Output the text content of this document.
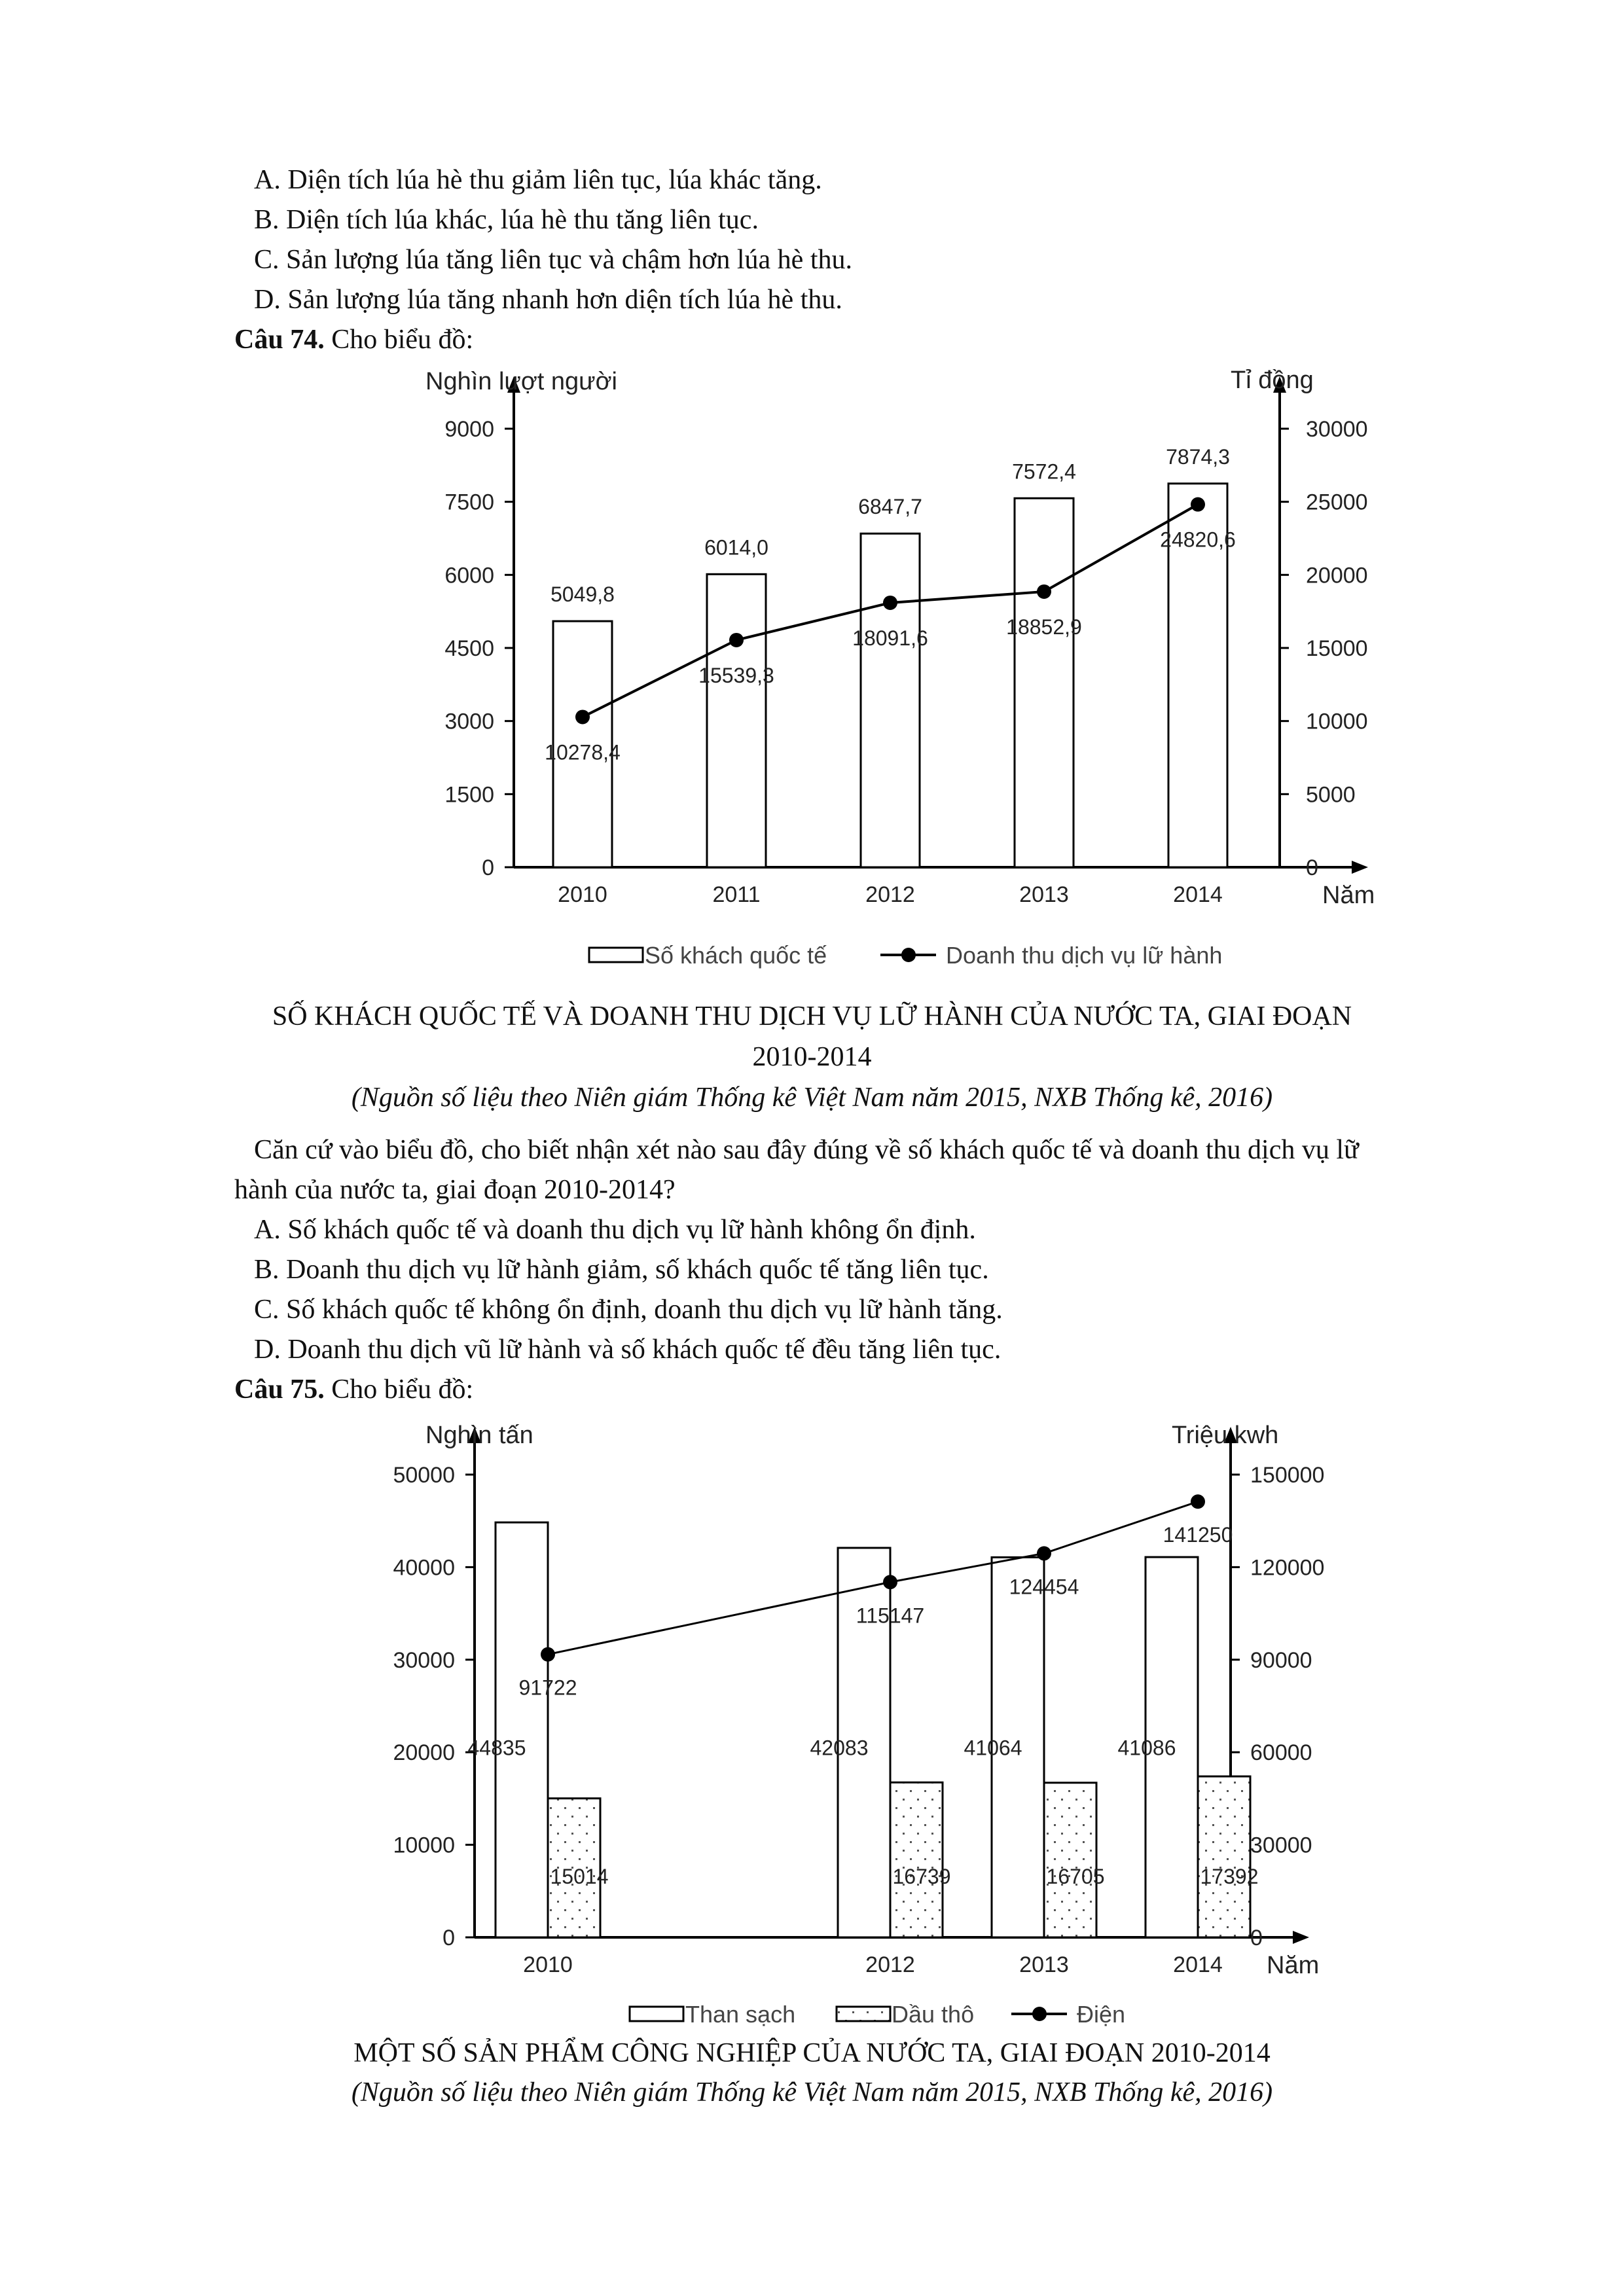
A. Diện tích lúa hè thu giảm liên tục, lúa khác tăng.
B. Diện tích lúa khác, lúa hè thu tăng liên tục.
C. Sản lượng lúa tăng liên tục và chậm hơn lúa hè thu.
D. Sản lượng lúa tăng nhanh hơn diện tích lúa hè thu.
Câu 74. Cho biểu đồ:
Nghìn lượt người	Tỉ đồng
Năm
0
1500
3000
4500
6000
7500
9000
0
5000
10000
15000
20000
25000
30000
2010	2011	2012	2013	2014
5049,8
6014,0
6847,7
7572,4
7874,3
10278,4
15539,3
18091,6	18852,9
24820,6
Số khách quốc tế	Doanh thu dịch vụ lữ hành
SỐ KHÁCH QUỐC TẾ VÀ DOANH THU DỊCH VỤ LỮ HÀNH CỦA NƯỚC TA, GIAI ĐOẠN
2010-2014
(Nguồn số liệu theo Niên giám Thống kê Việt Nam năm 2015, NXB Thống kê, 2016)
Căn cứ vào biểu đồ, cho biết nhận xét nào sau đây đúng về số khách quốc tế và doanh thu dịch vụ lữ
hành của nước ta, giai đoạn 2010-2014?
A. Số khách quốc tế và doanh thu dịch vụ lữ hành không ổn định.
B. Doanh thu dịch vụ lữ hành giảm, số khách quốc tế tăng liên tục.
C. Số khách quốc tế không ổn định, doanh thu dịch vụ lữ hành tăng.
D. Doanh thu dịch vũ lữ hành và số khách quốc tế đều tăng liên tục.
Câu 75. Cho biểu đồ:
Nghìn tấn	Triệu kwh
Năm
0
10000
20000
30000
40000
50000
0
30000
60000
90000
120000
150000
2010	2012	2013	2014
44835
15014
42083
16739
41064
16705
41086
17392
91722
115147
124454
141250
Than sạch	Dầu thô	Điện
MỘT SỐ SẢN PHẨM CÔNG NGHIỆP CỦA NƯỚC TA, GIAI ĐOẠN 2010-2014
(Nguồn số liệu theo Niên giám Thống kê Việt Nam năm 2015, NXB Thống kê, 2016)
